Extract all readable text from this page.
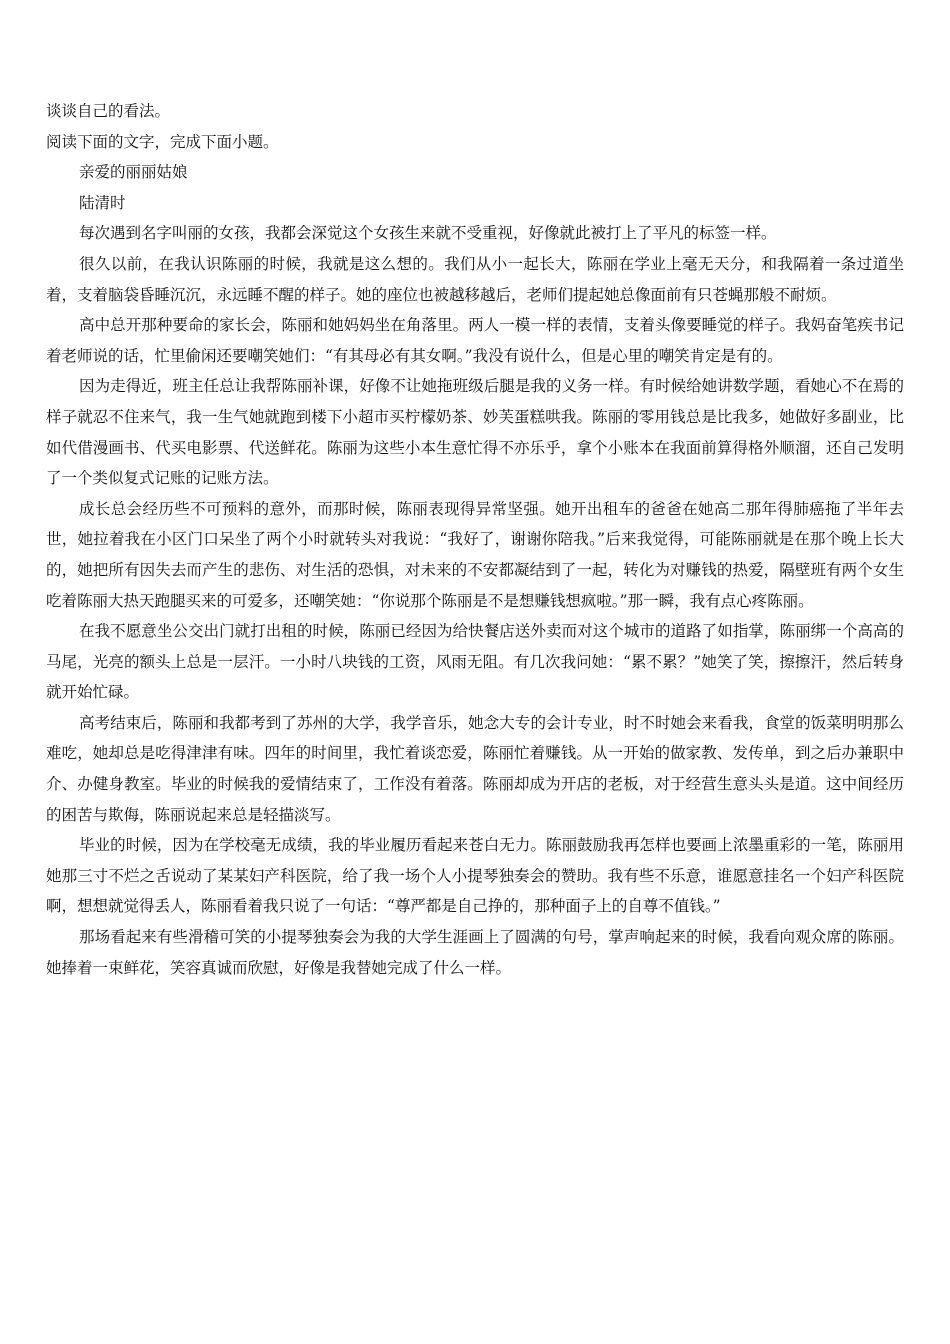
谈谈自己的看法。

阅读下面的文字，完成下面小题。

亲爱的丽丽姑娘

陆清时

每次遇到名字叫丽的女孩，我都会深觉这个女孩生来就不受重视，好像就此被打上了平凡的标签一样。

很久以前，在我认识陈丽的时候，我就是这么想的。我们从小一起长大，陈丽在学业上毫无天分，和我隔着一条过道坐着，支着脑袋昏睡沉沉，永远睡不醒的样子。她的座位也被越移越后，老师们提起她总像面前有只苍蝇那般不耐烦。

高中总开那种要命的家长会，陈丽和她妈妈坐在角落里。两人一模一样的表情，支着头像要睡觉的样子。我妈奋笔疾书记着老师说的话，忙里偷闲还要嘲笑她们：“有其母必有其女啊。”我没有说什么，但是心里的嘲笑肯定是有的。

因为走得近，班主任总让我帮陈丽补课，好像不让她拖班级后腿是我的义务一样。有时候给她讲数学题，看她心不在焉的样子就忍不住来气，我一生气她就跑到楼下小超市买柠檬奶茶、妙芙蛋糕哄我。陈丽的零用钱总是比我多，她做好多副业，比如代借漫画书、代买电影票、代送鲜花。陈丽为这些小本生意忙得不亦乐乎，拿个小账本在我面前算得格外顺溜，还自己发明了一个类似复式记账的记账方法。

成长总会经历些不可预料的意外，而那时候，陈丽表现得异常坚强。她开出租车的爸爸在她高二那年得肺癌拖了半年去世，她拉着我在小区门口呆坐了两个小时就转头对我说：“我好了，谢谢你陪我。”后来我觉得，可能陈丽就是在那个晚上长大的，她把所有因失去而产生的悲伤、对生活的恐惧，对未来的不安都凝结到了一起，转化为对赚钱的热爱，隔壁班有两个女生吃着陈丽大热天跑腿买来的可爱多，还嘲笑她：“你说那个陈丽是不是想赚钱想疯啦。”那一瞬，我有点心疼陈丽。

在我不愿意坐公交出门就打出租的时候，陈丽已经因为给快餐店送外卖而对这个城市的道路了如指掌，陈丽绑一个高高的马尾，光亮的额头上总是一层汗。一小时八块钱的工资，风雨无阻。有几次我问她：“累不累？”她笑了笑，擦擦汗，然后转身就开始忙碌。

高考结束后，陈丽和我都考到了苏州的大学，我学音乐，她念大专的会计专业，时不时她会来看我，食堂的饭菜明明那么难吃，她却总是吃得津津有味。四年的时间里，我忙着谈恋爱，陈丽忙着赚钱。从一开始的做家教、发传单，到之后办兼职中介、办健身教室。毕业的时候我的爱情结束了，工作没有着落。陈丽却成为开店的老板，对于经营生意头头是道。这中间经历的困苦与欺侮，陈丽说起来总是轻描淡写。

毕业的时候，因为在学校毫无成绩，我的毕业履历看起来苍白无力。陈丽鼓励我再怎样也要画上浓墨重彩的一笔，陈丽用她那三寸不烂之舌说动了某某妇产科医院，给了我一场个人小提琴独奏会的赞助。我有些不乐意，谁愿意挂名一个妇产科医院啊，想想就觉得丢人，陈丽看着我只说了一句话：“尊严都是自己挣的，那种面子上的自尊不值钱。”

那场看起来有些滑稽可笑的小提琴独奏会为我的大学生涯画上了圆满的句号，掌声响起来的时候，我看向观众席的陈丽。她捧着一束鲜花，笑容真诚而欣慰，好像是我替她完成了什么一样。
